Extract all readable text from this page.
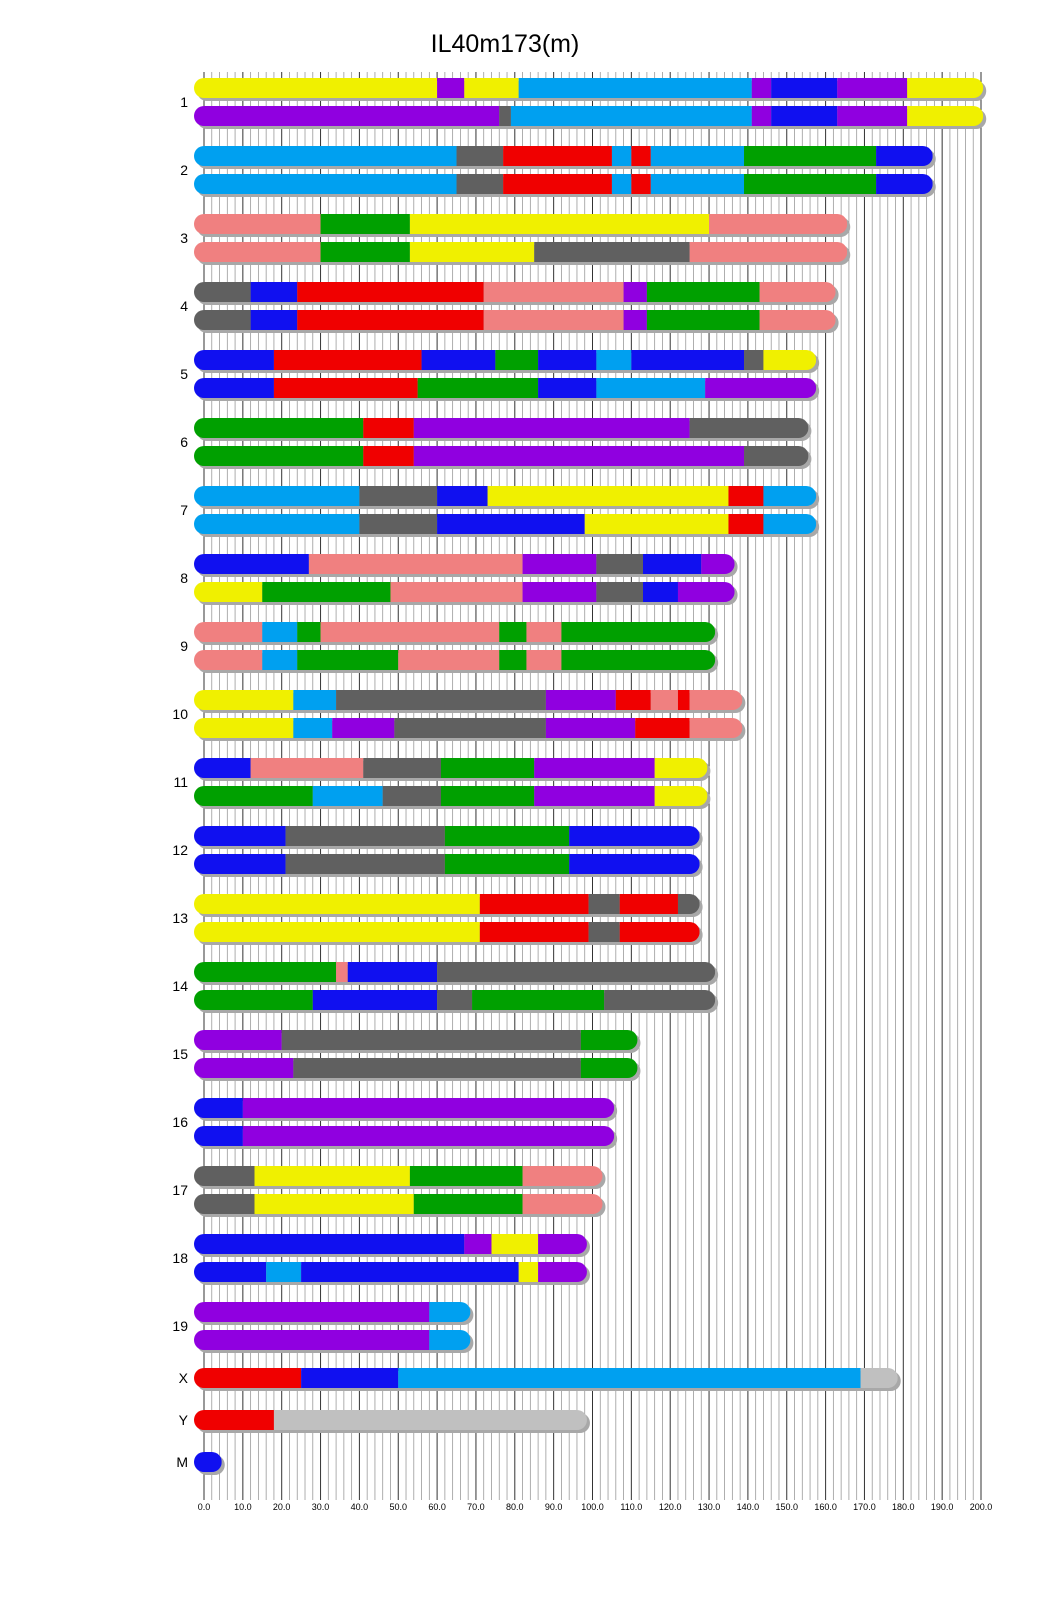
IL40m173(m)
0.0	10.0 20.0 30.0 40.0 50.0 60.0 70.0 80.0 90.0 100.0 110.0 120.0 130.0 140.0 150.0 160.0 170.0 180.0 190.0 200.0
1
2
3
4
5
6
7
8
9
10
11
12
13
14
15
16
17
18
19
X
Y
M
